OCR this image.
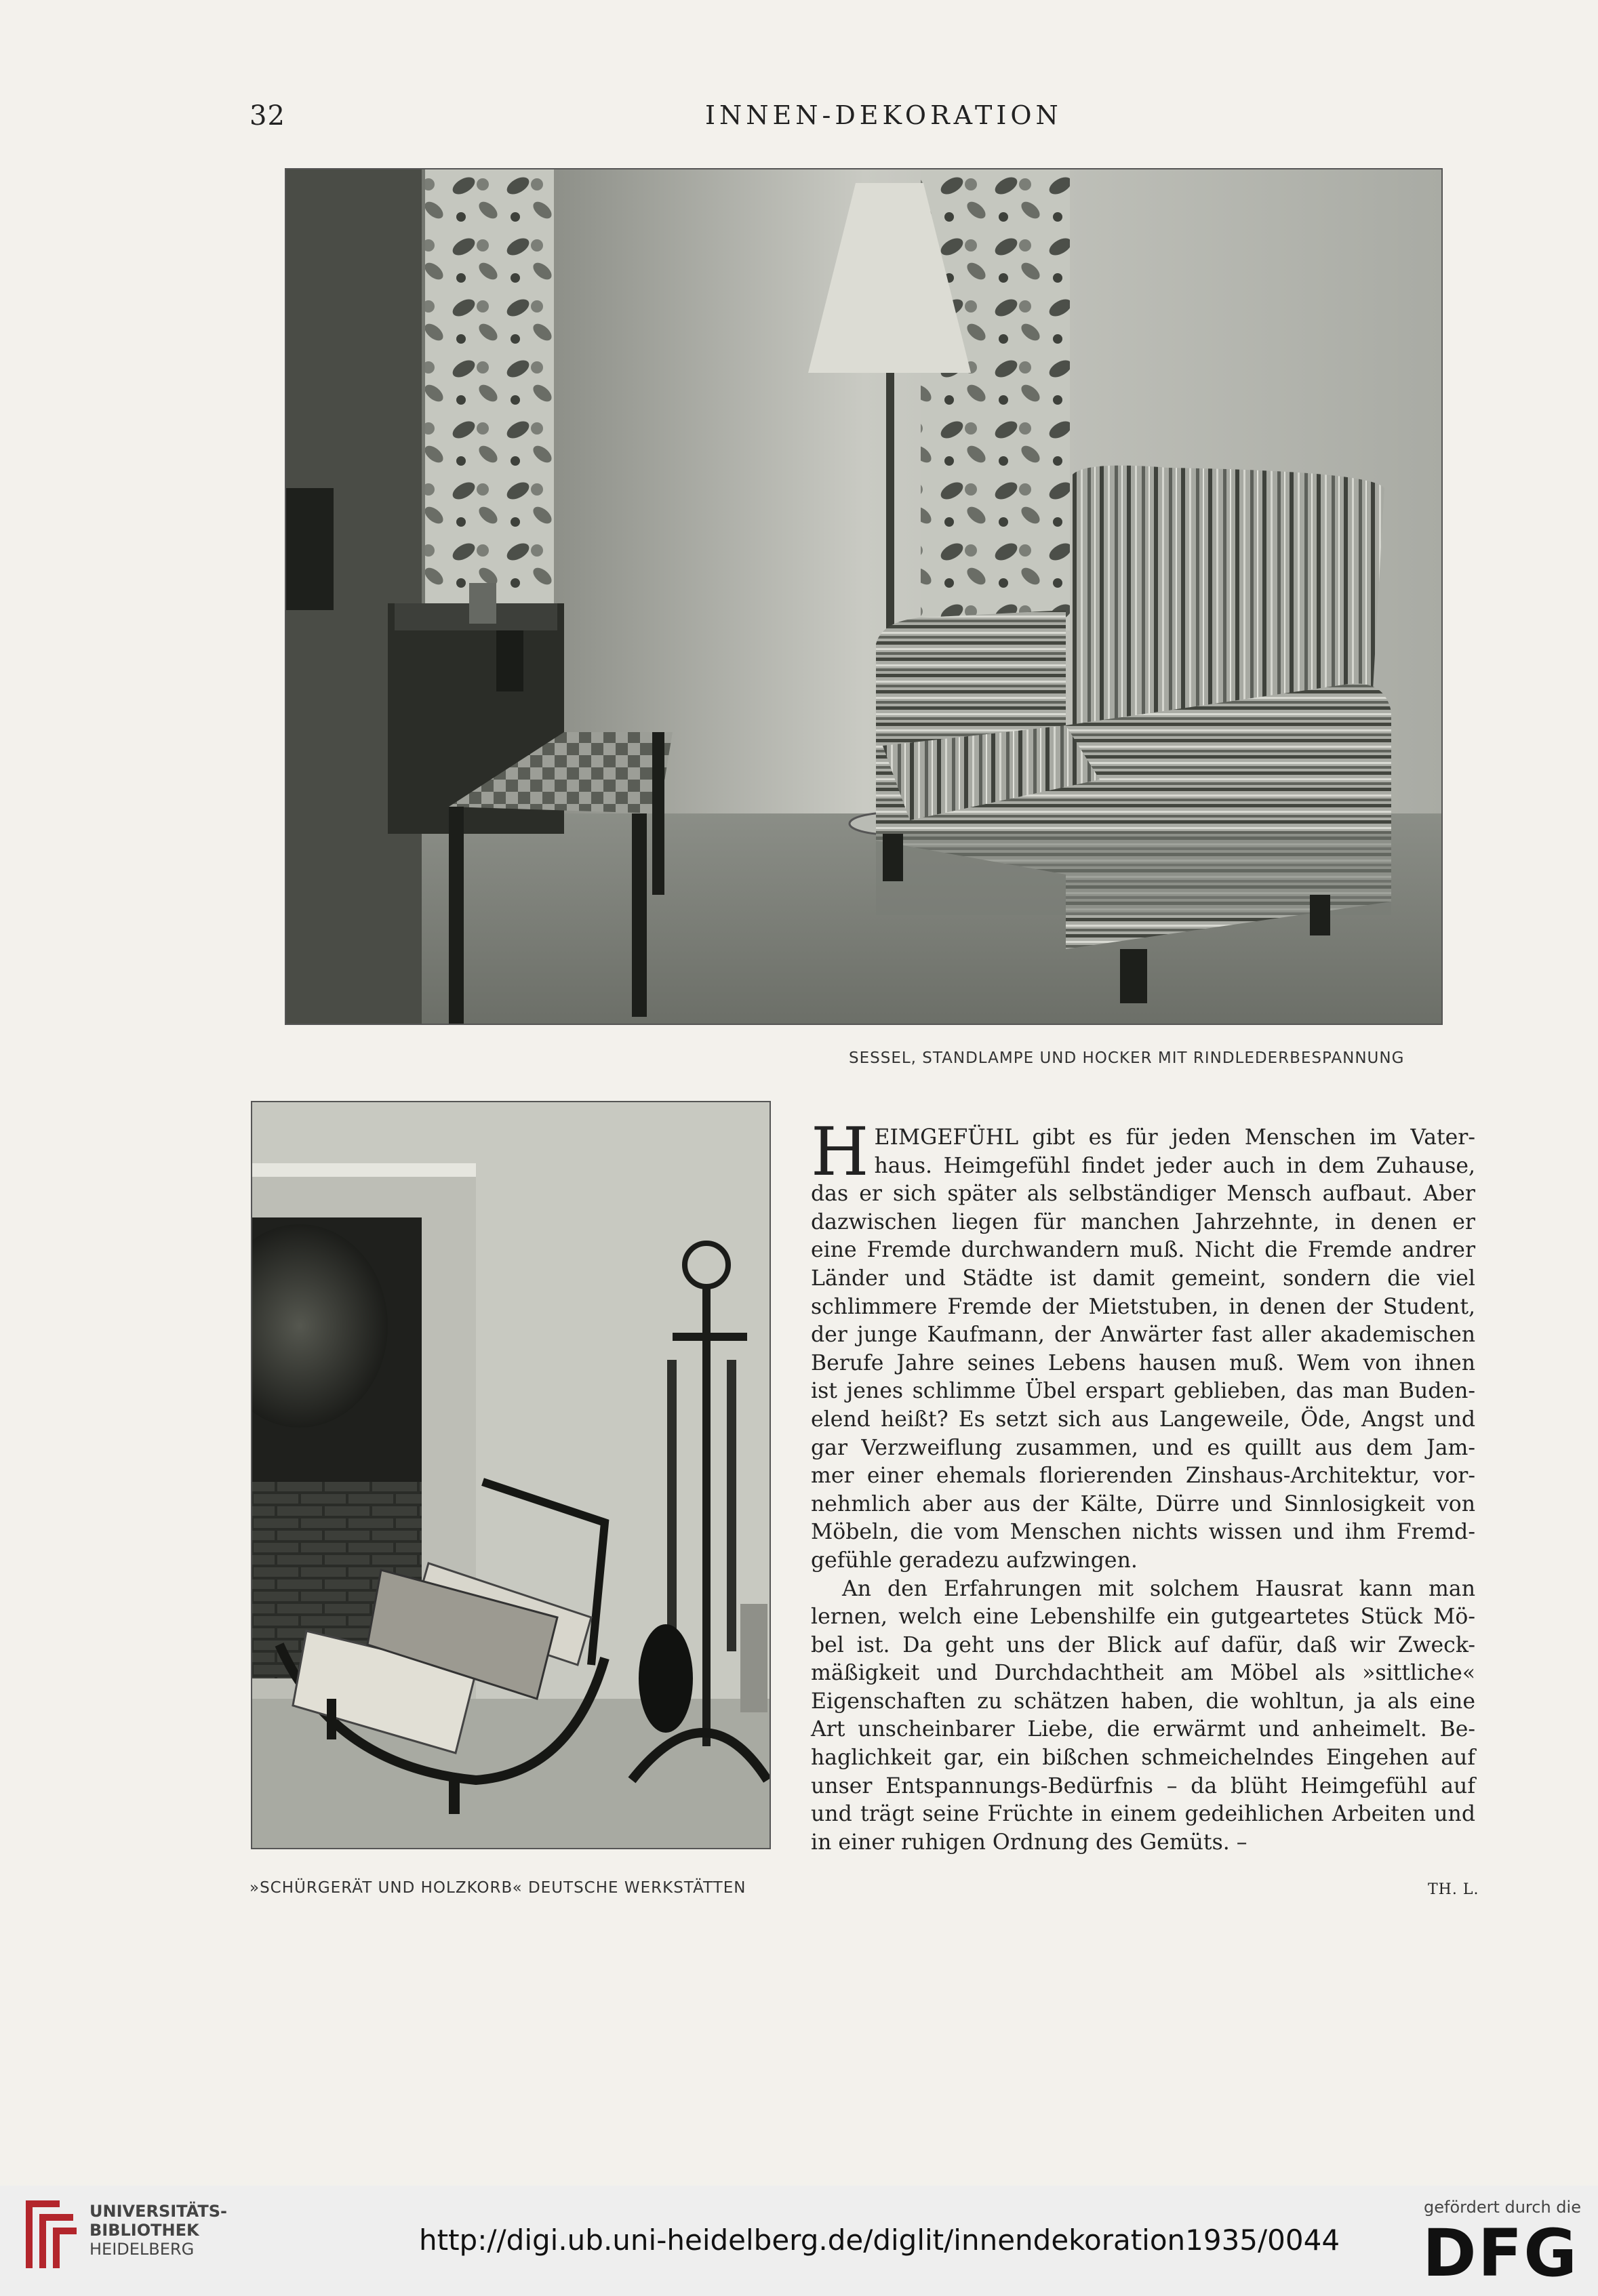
32	INNEN-DEKORATION
SESSEL, STANDLAMPE UND HOCKER MIT RINDLEDERBESPANNUNG
»SCHÜRGERÄT UND HOLZKORB« DEUTSCHE WERKSTÄTTEN
H EIMGEFÜHL gibt es für jeden Menschen im Vater-
haus. Heimgefühl findet jeder auch in dem Zuhause,
das er sich später als selbständiger Mensch aufbaut. Aber
dazwischen liegen für manchen Jahrzehnte, in denen er
eine Fremde durchwandern muß. Nicht die Fremde andrer
Länder und Städte ist damit gemeint, sondern die viel
schlimmere Fremde der Mietstuben, in denen der Student,
der junge Kaufmann, der Anwärter fast aller akademischen
Berufe Jahre seines Lebens hausen muß. Wem von ihnen
ist jenes schlimme Übel erspart geblieben, das man Buden-
elend heißt? Es setzt sich aus Langeweile, Öde, Angst und
gar Verzweiflung zusammen, und es quillt aus dem Jam-
mer einer ehemals florierenden Zinshaus-Architektur, vor-
nehmlich aber aus der Kälte, Dürre und Sinnlosigkeit von
Möbeln, die vom Menschen nichts wissen und ihm Fremd-
gefühle geradezu aufzwingen.
An den Erfahrungen mit solchem Hausrat kann man
lernen, welch eine Lebenshilfe ein gutgeartetes Stück Mö-
bel ist. Da geht uns der Blick auf dafür, daß wir Zweck-
mäßigkeit und Durchdachtheit am Möbel als »sittliche«
Eigenschaften zu schätzen haben, die wohltun, ja als eine
Art unscheinbarer Liebe, die erwärmt und anheimelt. Be-
haglichkeit gar, ein bißchen schmeichelndes Eingehen auf
unser Entspannungs-Bedürfnis – da blüht Heimgefühl auf
und trägt seine Früchte in einem gedeihlichen Arbeiten und
in einer ruhigen Ordnung des Gemüts. –
TH. L.
UNIVERSITÄTS-
BIBLIOTHEK
HEIDELBERG	http://digi.ub.uni-heidelberg.de/diglit/innendekoration1935/0044
gefördert durch die
DFG
